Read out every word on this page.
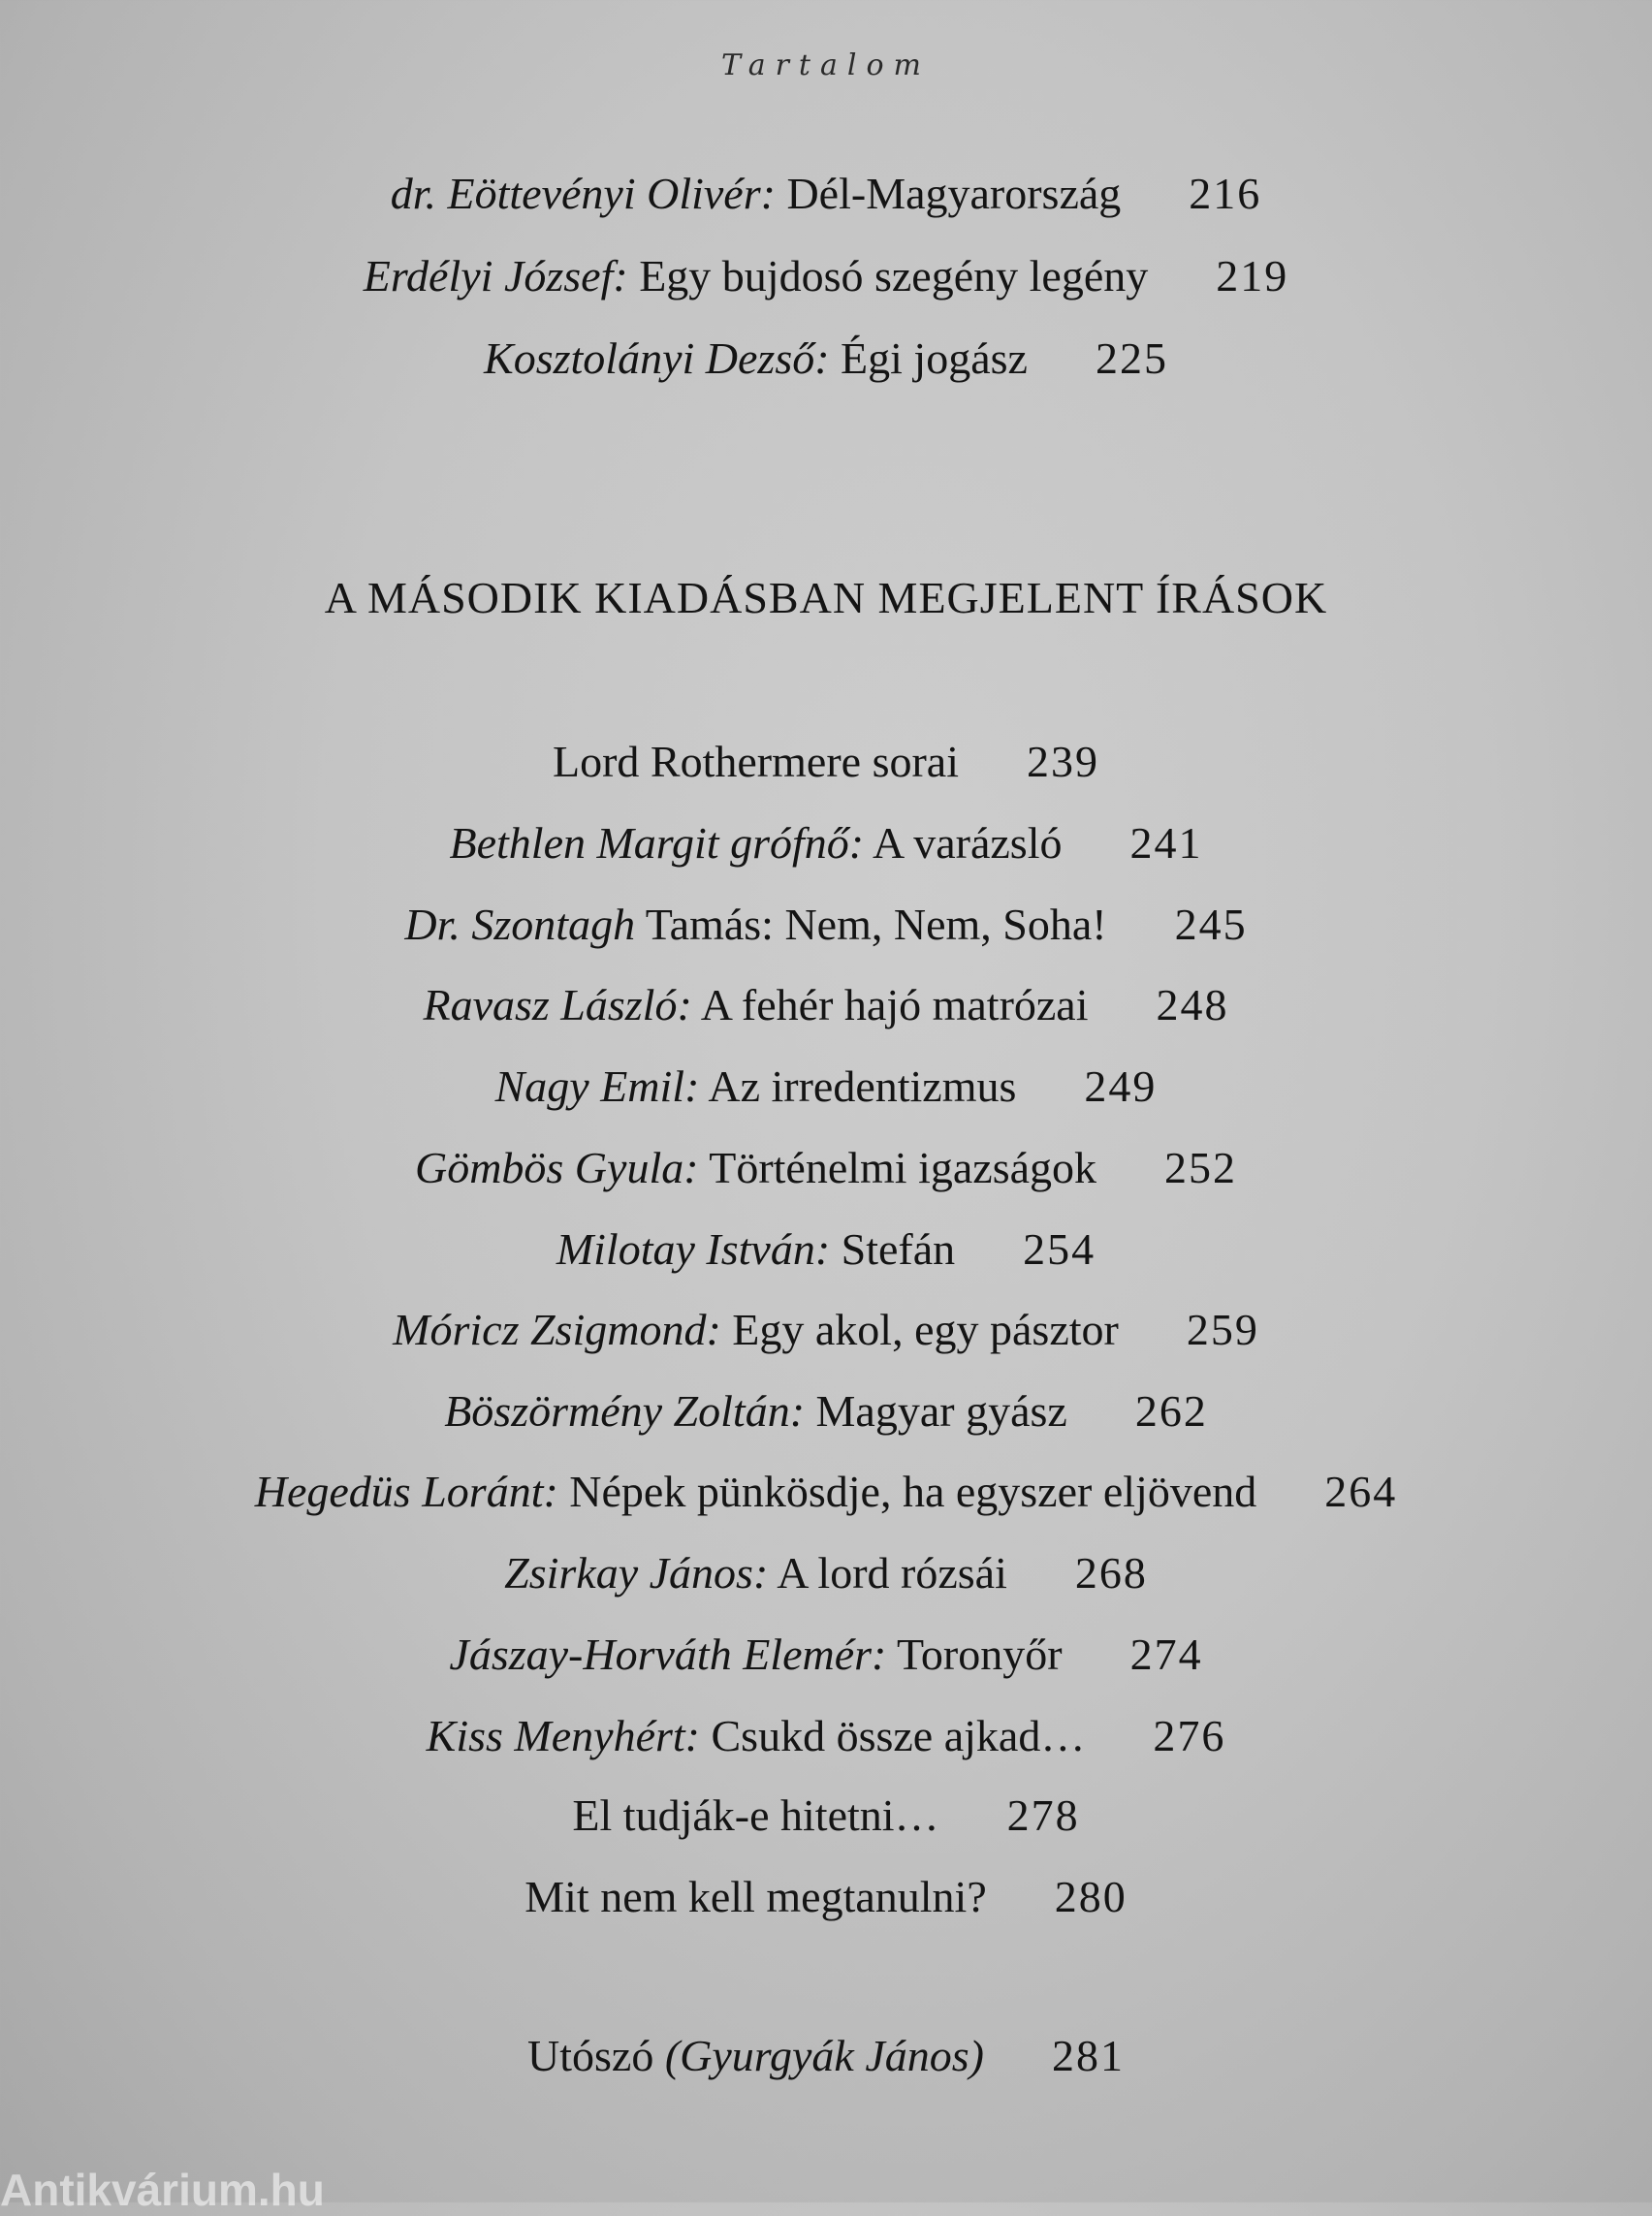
Tartalom
dr. Eöttevényi Olivér: Dél-Magyarország 216
Erdélyi József: Egy bujdosó szegény legény 219
Kosztolányi Dezső: Égi jogász 225
A MÁSODIK KIADÁSBAN MEGJELENT ÍRÁSOK
Lord Rothermere sorai 239
Bethlen Margit grófnő: A varázsló 241
Dr. Szontagh Tamás: Nem, Nem, Soha! 245
Ravasz László: A fehér hajó matrózai 248
Nagy Emil: Az irredentizmus 249
Gömbös Gyula: Történelmi igazságok 252
Milotay István: Stefán 254
Móricz Zsigmond: Egy akol, egy pásztor 259
Böszörmény Zoltán: Magyar gyász 262
Hegedüs Loránt: Népek pünkösdje, ha egyszer eljövend 264
Zsirkay János: A lord rózsái 268
Jászay-Horváth Elemér: Toronyőr 274
Kiss Menyhért: Csukd össze ajkad… 276
El tudják-e hitetni… 278
Mit nem kell megtanulni? 280
Utószó (Gyurgyák János) 281
Antikvárium.hu
